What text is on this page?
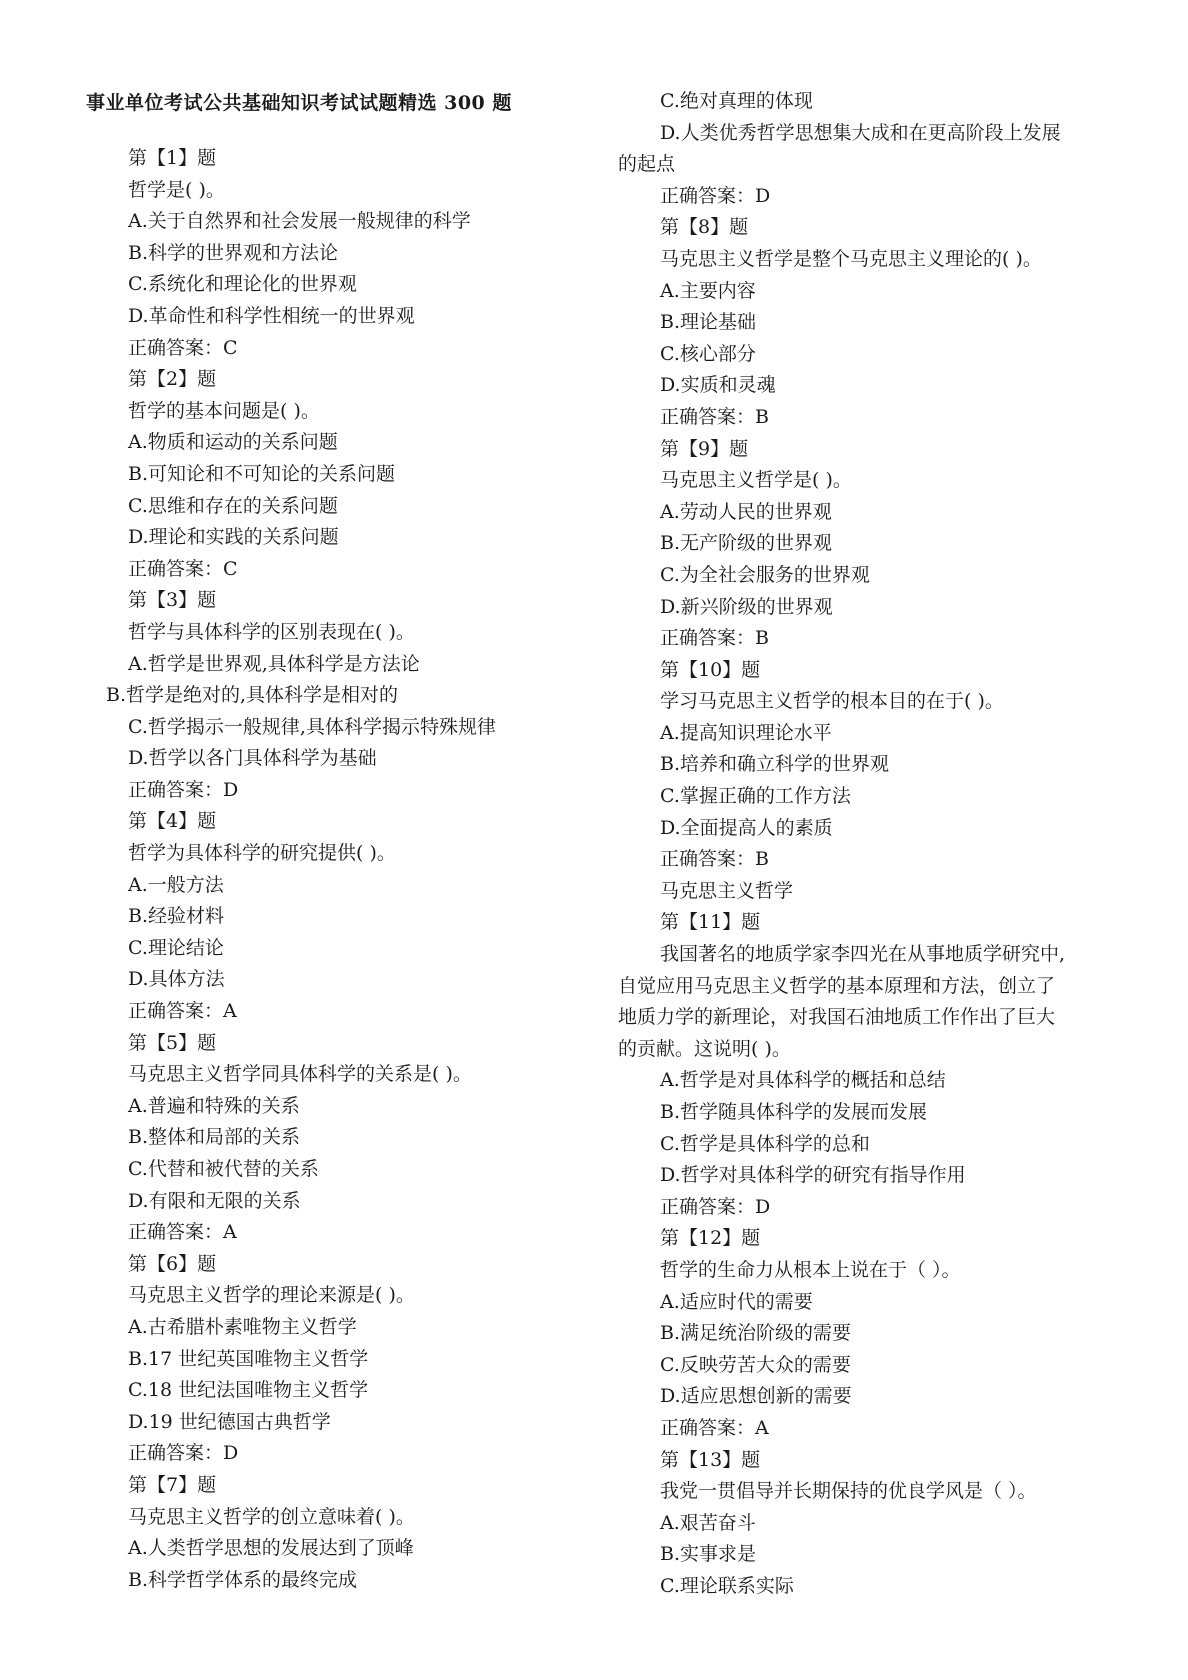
事业单位考试公共基础知识考试试题精选 300 题
第【1】题
哲学是( )。
A.关于自然界和社会发展一般规律的科学
B.科学的世界观和方法论
C.系统化和理论化的世界观
D.革命性和科学性相统一的世界观
正确答案：C
第【2】题
哲学的基本问题是( )。
A.物质和运动的关系问题
B.可知论和不可知论的关系问题
C.思维和存在的关系问题
D.理论和实践的关系问题
正确答案：C
第【3】题
哲学与具体科学的区别表现在( )。
A.哲学是世界观,具体科学是方法论
B.哲学是绝对的,具体科学是相对的
C.哲学揭示一般规律,具体科学揭示特殊规律
D.哲学以各门具体科学为基础
正确答案：D
第【4】题
哲学为具体科学的研究提供( )。
A.一般方法
B.经验材料
C.理论结论
D.具体方法
正确答案：A
第【5】题
马克思主义哲学同具体科学的关系是( )。
A.普遍和特殊的关系
B.整体和局部的关系
C.代替和被代替的关系
D.有限和无限的关系
正确答案：A
第【6】题
马克思主义哲学的理论来源是( )。
A.古希腊朴素唯物主义哲学
B.17 世纪英国唯物主义哲学
C.18 世纪法国唯物主义哲学
D.19 世纪德国古典哲学
正确答案：D
第【7】题
马克思主义哲学的创立意味着( )。
A.人类哲学思想的发展达到了顶峰
B.科学哲学体系的最终完成
C.绝对真理的体现
D.人类优秀哲学思想集大成和在更高阶段上发展
的起点
正确答案：D
第【8】题
马克思主义哲学是整个马克思主义理论的( )。
A.主要内容
B.理论基础
C.核心部分
D.实质和灵魂
正确答案：B
第【9】题
马克思主义哲学是( )。
A.劳动人民的世界观
B.无产阶级的世界观
C.为全社会服务的世界观
D.新兴阶级的世界观
正确答案：B
第【10】题
学习马克思主义哲学的根本目的在于( )。
A.提高知识理论水平
B.培养和确立科学的世界观
C.掌握正确的工作方法
D.全面提高人的素质
正确答案：B
马克思主义哲学
第【11】题
我国著名的地质学家李四光在从事地质学研究中,
自觉应用马克思主义哲学的基本原理和方法，创立了
地质力学的新理论，对我国石油地质工作作出了巨大
的贡献。这说明( )。
A.哲学是对具体科学的概括和总结
B.哲学随具体科学的发展而发展
C.哲学是具体科学的总和
D.哲学对具体科学的研究有指导作用
正确答案：D
第【12】题
哲学的生命力从根本上说在于（ ）。
A.适应时代的需要
B.满足统治阶级的需要
C.反映劳苦大众的需要
D.适应思想创新的需要
正确答案：A
第【13】题
我党一贯倡导并长期保持的优良学风是（ ）。
A.艰苦奋斗
B.实事求是
C.理论联系实际
